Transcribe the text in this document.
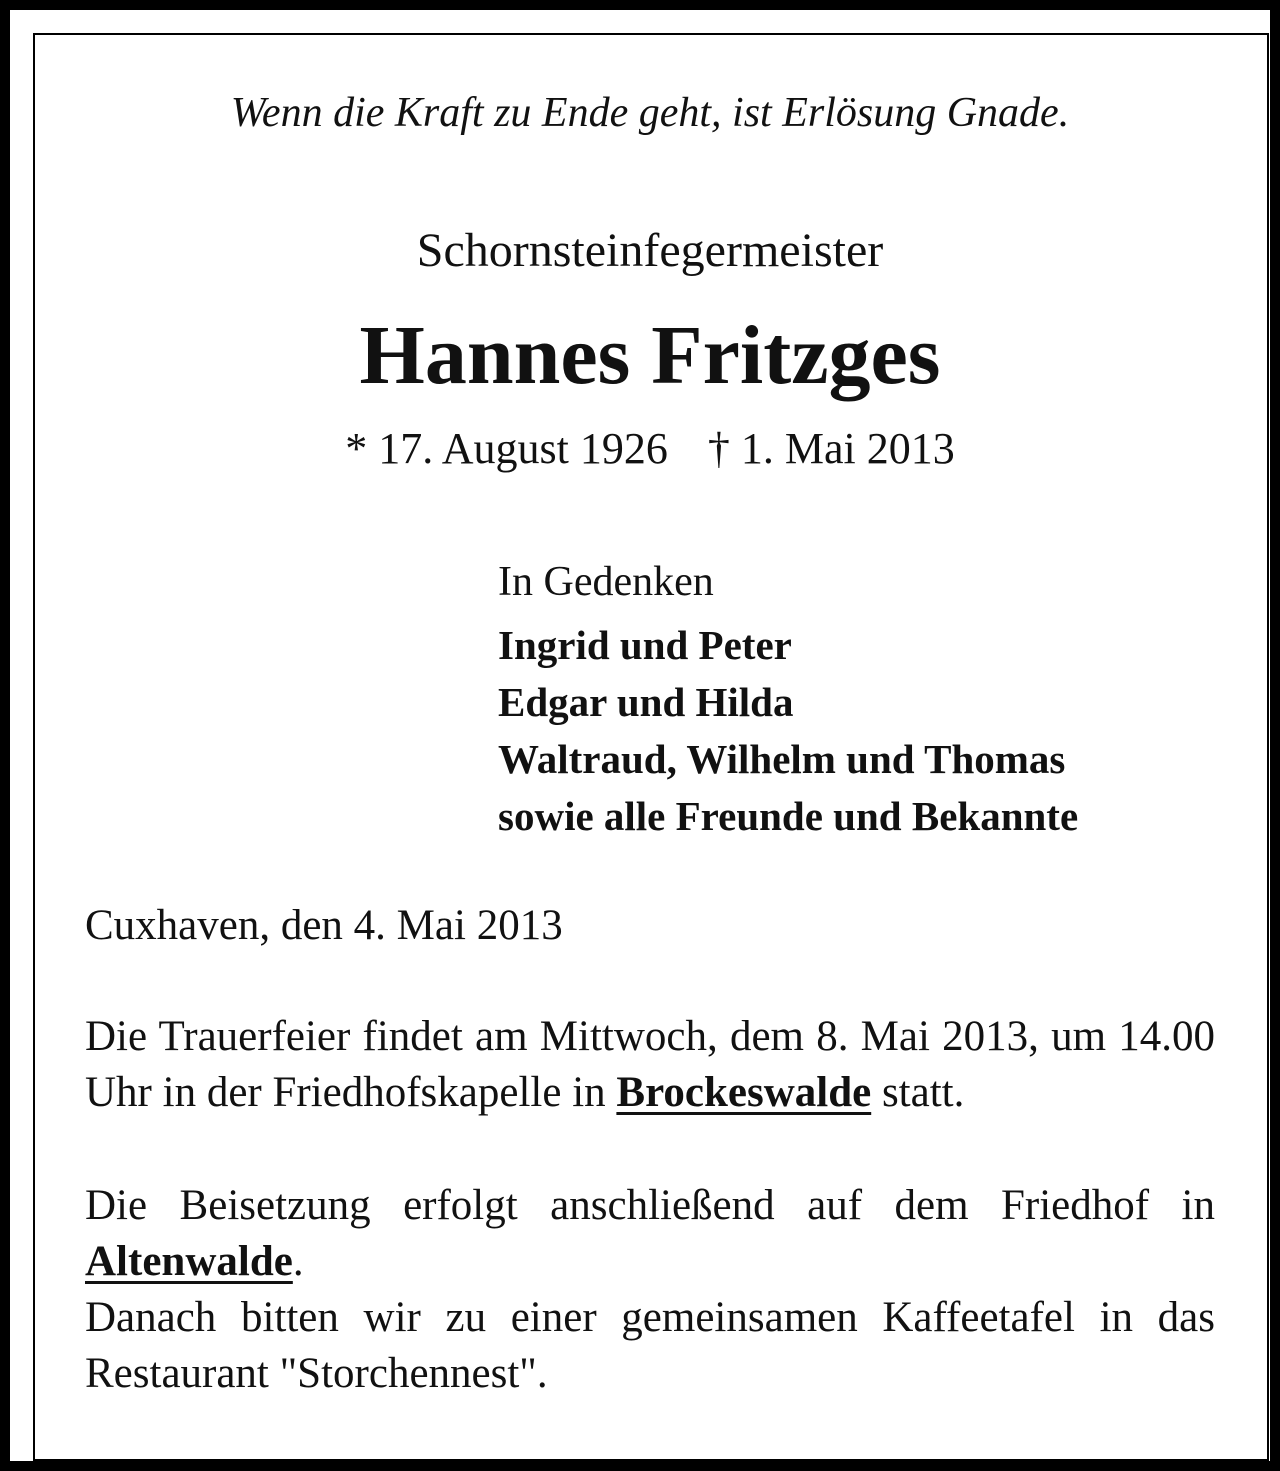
Wenn die Kraft zu Ende geht, ist Erlösung Gnade.

Schornsteinfegermeister

Hannes Fritzges

* 17. August 1926 † 1. Mai 2013

In Gedenken

Ingrid und Peter
Edgar und Hilda
Waltraud, Wilhelm und Thomas
sowie alle Freunde und Bekannte

Cuxhaven, den 4. Mai 2013

Die Trauerfeier findet am Mittwoch, dem 8. Mai 2013, um 14.00 Uhr in der Friedhofskapelle in Brockeswalde statt.

Die Beisetzung erfolgt anschließend auf dem Friedhof in Altenwalde.

Danach bitten wir zu einer gemeinsamen Kaffeetafel in das Restaurant "Storchennest".
